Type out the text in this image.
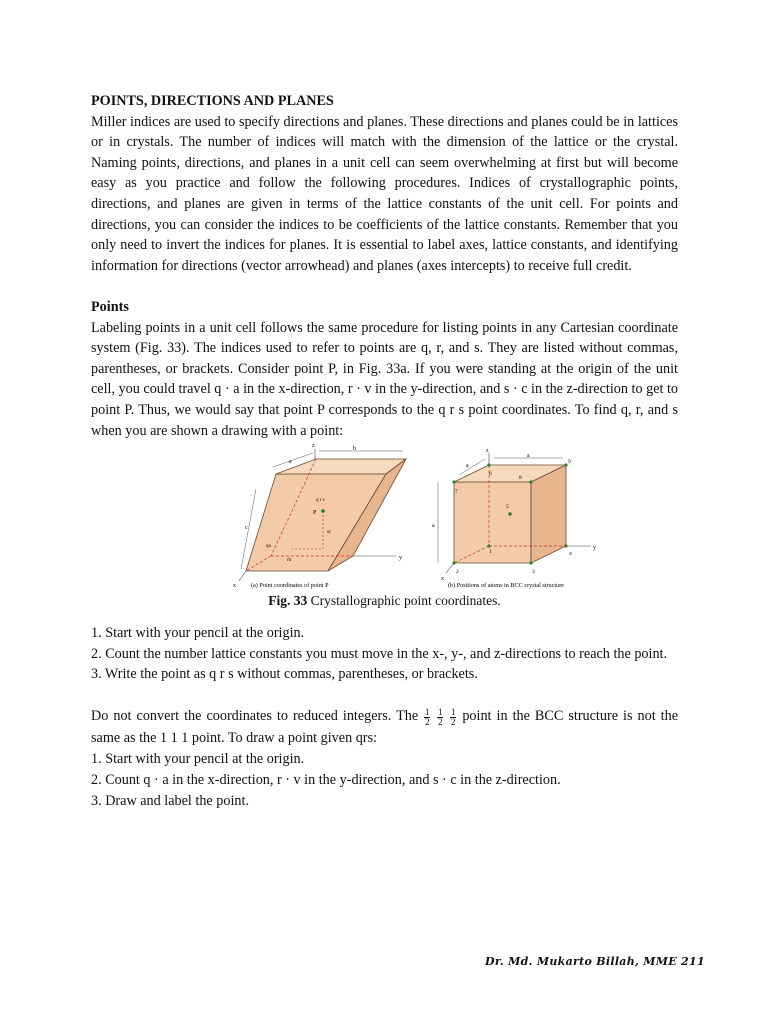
POINTS, DIRECTIONS AND PLANES

Miller indices are used to specify directions and planes. These directions and planes could be in lattices or in crystals. The number of indices will match with the dimension of the lattice or the crystal. Naming points, directions, and planes in a unit cell can seem overwhelming at first but will become easy as you practice and follow the following procedures. Indices of crystallographic points, directions, and planes are given in terms of the lattice constants of the unit cell. For points and directions, you can consider the indices to be coefficients of the lattice constants. Remember that you only need to invert the indices for planes. It is essential to label axes, lattice constants, and identifying information for directions (vector arrowhead) and planes (axes intercepts) to receive full credit.

Points

Labeling points in a unit cell follows the same procedure for listing points in any Cartesian coordinate system (Fig. 33). The indices used to refer to points are q, r, and s. They are listed without commas, parentheses, or brackets. Consider point P, in Fig. 33a. If you were standing at the origin of the unit cell, you could travel q · a in the x-direction, r · v in the y-direction, and s · c in the z-direction to get to point P. Thus, we would say that point P corresponds to the q r s point coordinates. To find q, r, and s when you are shown a drawing with a point:

z
y
x
a
b
c
P
q r s
qa
rb
sc
z
y
x
a
a
a
1
2	3
4
5
6
7
8
9
(a) Point coordinates of point P	(b) Positions of atoms in BCC crystal structure
Fig. 33 Crystallographic point coordinates.

1. Start with your pencil at the origin.

2. Count the number lattice constants you must move in the x-, y-, and z-directions to reach the point.

3. Write the point as q r s without commas, parentheses, or brackets.

Do not convert the coordinates to reduced integers. The $\frac{1}{2}$
$\frac{1}{2}$
$\frac{1}{2}$ point in the BCC structure is not the same as the 1 1 1 point. To draw a point given qrs:

1. Start with your pencil at the origin.

2. Count q · a in the x-direction, r · v in the y-direction, and s · c in the z-direction.

3. Draw and label the point.

Dr. Md. Mukarto Billah, MME 211
